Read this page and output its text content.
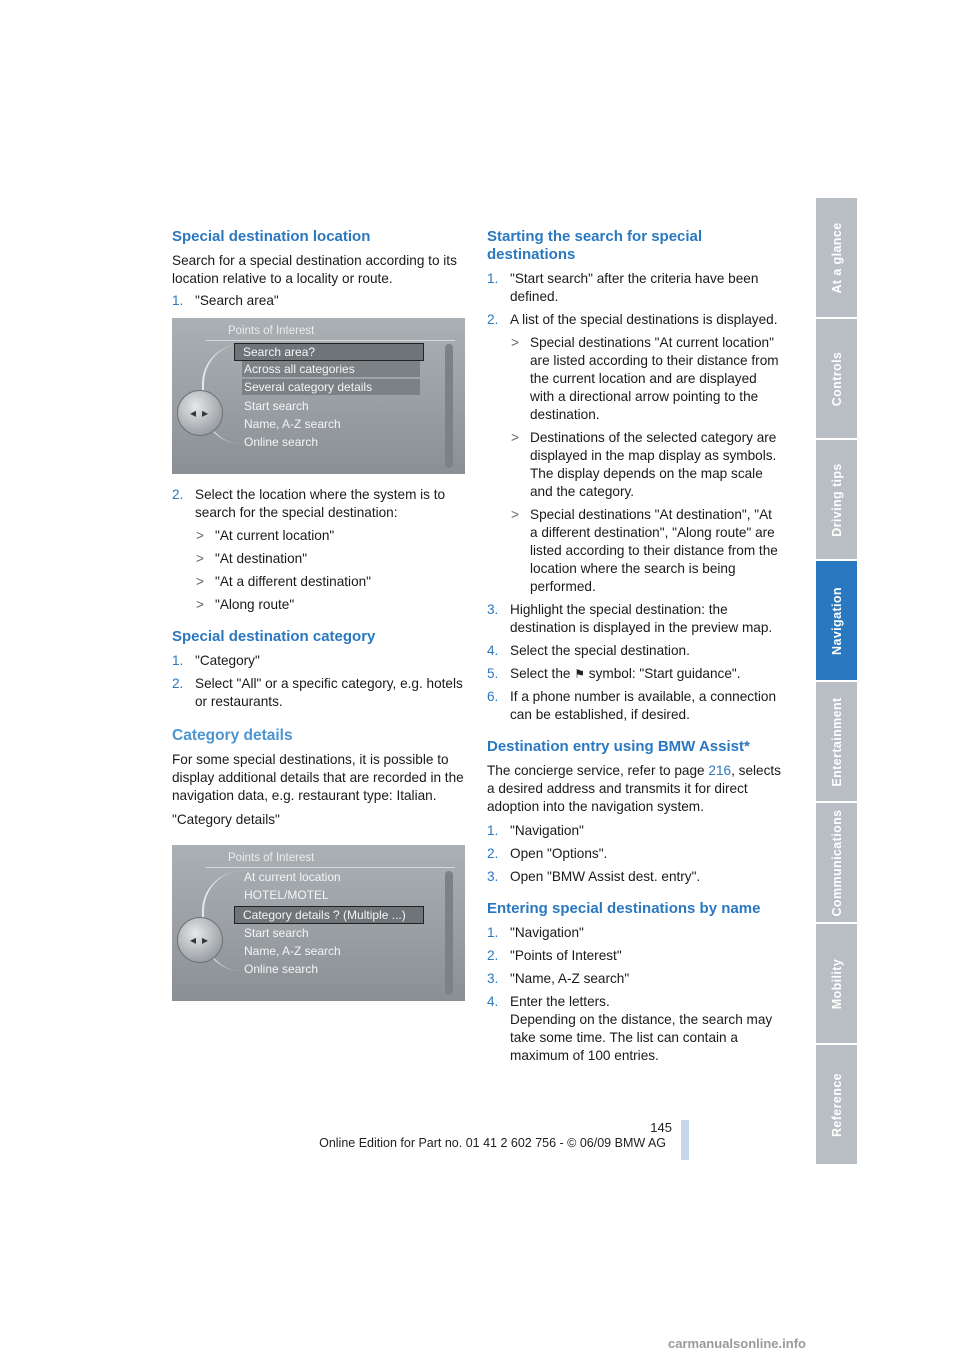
Special destination location

Search for a special destination according to its location relative to a locality or route.

1. "Search area"
Points of Interest
◂ ▸
Search area?
Across all categories
Several category details
Start search
Name, A-Z search
Online search
2. Select the location where the system is to search for the special destination:
> "At current location"
> "At destination"
> "At a different destination"
> "Along route"
Special destination category
1. "Category"
2. Select "All" or a specific category, e.g. hotels or restaurants.
Category details

For some special destinations, it is possible to display additional details that are recorded in the navigation data, e.g. restaurant type: Italian.

"Category details"

Points of Interest
◂ ▸
At current location
HOTEL/MOTEL
Category details ? (Multiple ...)
Start search
Name, A-Z search
Online search
Starting the search for special destinations
1. "Start search" after the criteria have been defined.
2. A list of the special destinations is displayed.
> Special destinations "At current location" are listed according to their distance from the current location and are displayed with a directional arrow pointing to the destination.
> Destinations of the selected category are displayed in the map display as symbols. The display depends on the map scale and the category.
> Special destinations "At destination", "At a different destination", "Along route" are listed according to their distance from the location where the search is being performed.
3. Highlight the special destination: the destination is displayed in the preview map.
4. Select the special destination.
5. Select the ⚑ symbol: "Start guidance".
6. If a phone number is available, a connection can be established, if desired.
Destination entry using BMW Assist*

The concierge service, refer to page 216, selects a desired address and transmits it for direct adoption into the navigation system.

1. "Navigation"
2. Open "Options".
3. Open "BMW Assist dest. entry".
Entering special destinations by name
1. "Navigation"
2. "Points of Interest"
3. "Name, A-Z search"
4. Enter the letters.
Depending on the distance, the search may take some time. The list can contain a maximum of 100 entries.
At a glance
Controls
Driving tips
Navigation
Entertainment
Communications
Mobility
Reference
145
Online Edition for Part no. 01 41 2 602 756 - © 06/09 BMW AG
carmanualsonline.info
